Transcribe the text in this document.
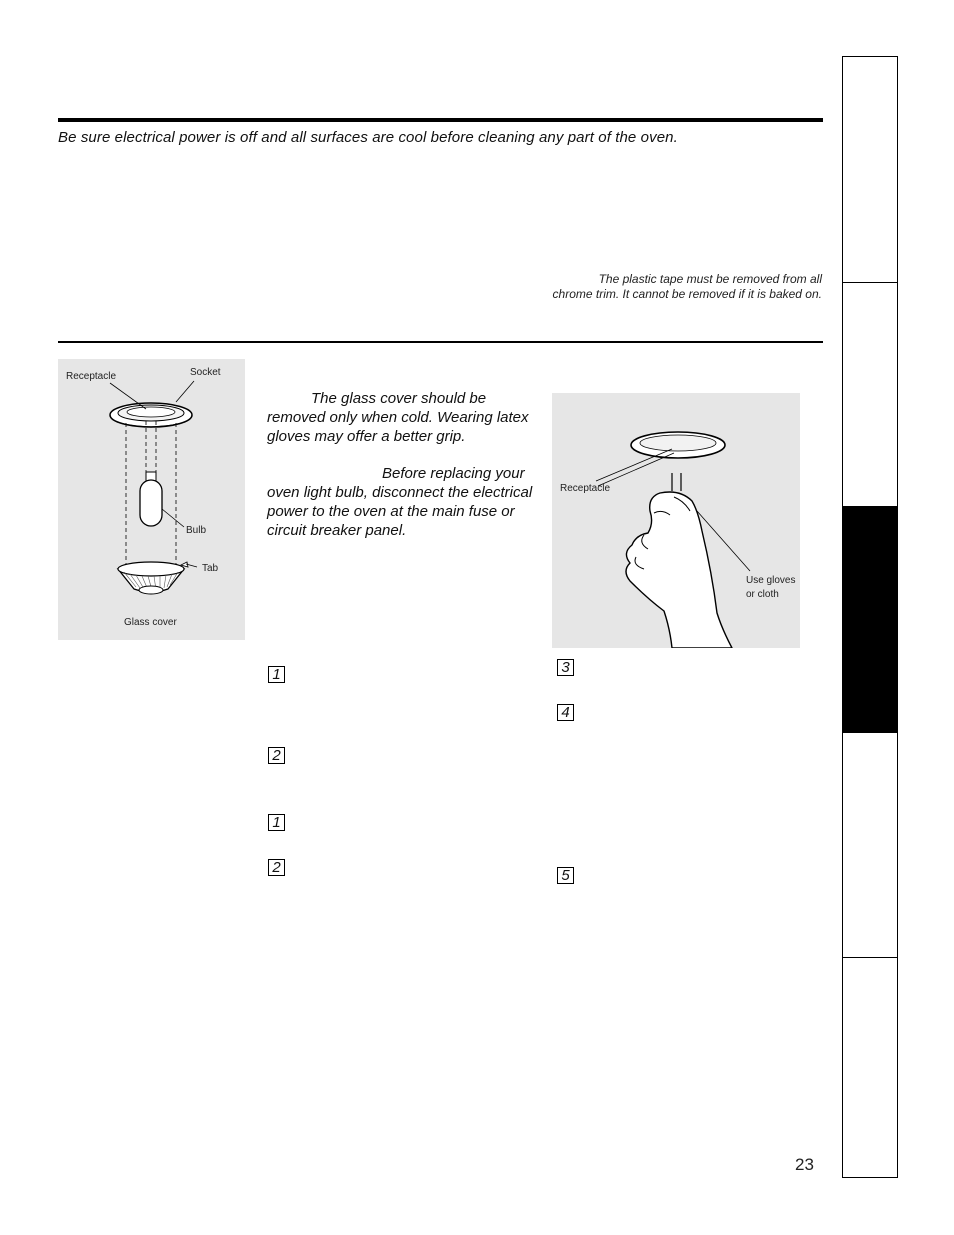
Be sure electrical power is off and all surfaces are cool before cleaning any part of the oven.
The plastic tape must be removed from all
chrome trim. It cannot be removed if it is baked on.
Receptacle	Socket
Bulb
Tab
Glass cover
The glass cover should be removed only when cold. Wearing latex gloves may offer a better grip.
Before replacing your oven light bulb, disconnect the electrical power to the oven at the main fuse or circuit breaker panel.
Receptacle
Use gloves
or cloth
1
2
1
2
3
4
5
23
